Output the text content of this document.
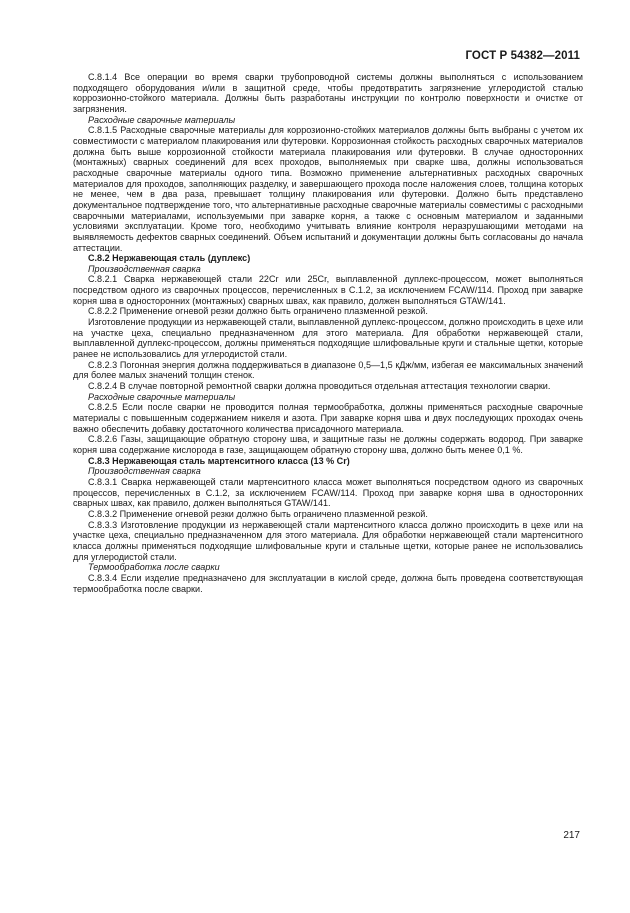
ГОСТ Р 54382—2011

С.8.1.4 Все операции во время сварки трубопроводной системы должны выполняться с использованием подходящего оборудования и/или в защитной среде, чтобы предотвратить загрязнение углеродистой сталью коррозионно-стойкого материала. Должны быть разработаны инструкции по контролю поверхности и очистке от загрязнения.

Расходные сварочные материалы

С.8.1.5 Расходные сварочные материалы для коррозионно-стойких материалов должны быть выбраны с учетом их совместимости с материалом плакирования или футеровки. Коррозионная стойкость расходных сварочных материалов должна быть выше коррозионной стойкости материала плакирования или футеровки. В случае односторонних (монтажных) сварных соединений для всех проходов, выполняемых при сварке шва, должны использоваться расходные сварочные материалы одного типа. Возможно применение альтернативных расходных сварочных материалов для проходов, заполняющих разделку, и завершающего прохода после наложения слоев, толщина которых не менее, чем в два раза, превышает толщину плакирования или футеровки. Должно быть представлено документальное подтверждение того, что альтернативные расходные сварочные материалы совместимы с расходными сварочными материалами, используемыми при заварке корня, а также с основным материалом и заданными условиями эксплуатации. Кроме того, необходимо учитывать влияние контроля неразрушающими методами на выявляемость дефектов сварных соединений. Объем испытаний и документации должны быть согласованы до начала аттестации.

С.8.2 Нержавеющая сталь (дуплекс)

Производственная сварка

С.8.2.1 Сварка нержавеющей стали 22Cr или 25Cr, выплавленной дуплекс-процессом, может выполняться посредством одного из сварочных процессов, перечисленных в С.1.2, за исключением FCAW/114. Проход при заварке корня шва в односторонних (монтажных) сварных швах, как правило, должен выполняться GTAW/141.

С.8.2.2 Применение огневой резки должно быть ограничено плазменной резкой.

Изготовление продукции из нержавеющей стали, выплавленной дуплекс-процессом, должно происходить в цехе или на участке цеха, специально предназначенном для этого материала. Для обработки нержавеющей стали, выплавленной дуплекс-процессом, должны применяться подходящие шлифовальные круги и стальные щетки, которые ранее не использовались для углеродистой стали.

С.8.2.3 Погонная энергия должна поддерживаться в диапазоне 0,5—1,5 кДж/мм, избегая ее максимальных значений для более малых значений толщин стенок.

С.8.2.4 В случае повторной ремонтной сварки должна проводиться отдельная аттестация технологии сварки.

Расходные сварочные материалы

С.8.2.5 Если после сварки не проводится полная термообработка, должны применяться расходные сварочные материалы с повышенным содержанием никеля и азота. При заварке корня шва и двух последующих проходах очень важно обеспечить добавку достаточного количества присадочного материала.

С.8.2.6 Газы, защищающие обратную сторону шва, и защитные газы не должны содержать водород. При заварке корня шва содержание кислорода в газе, защищающем обратную сторону шва, должно быть менее 0,1 %.

С.8.3 Нержавеющая сталь мартенситного класса (13 % Cr)

Производственная сварка

С.8.3.1 Сварка нержавеющей стали мартенситного класса может выполняться посредством одного из сварочных процессов, перечисленных в С.1.2, за исключением FCAW/114. Проход при заварке корня шва в односторонних сварных швах, как правило, должен выполняться GTAW/141.

С.8.3.2 Применение огневой резки должно быть ограничено плазменной резкой.

С.8.3.3 Изготовление продукции из нержавеющей стали мартенситного класса должно происходить в цехе или на участке цеха, специально предназначенном для этого материала. Для обработки нержавеющей стали мартенситного класса должны применяться подходящие шлифовальные круги и стальные щетки, которые ранее не использовались для углеродистой стали.

Термообработка после сварки

С.8.3.4 Если изделие предназначено для эксплуатации в кислой среде, должна быть проведена соответствующая термообработка после сварки.

217
